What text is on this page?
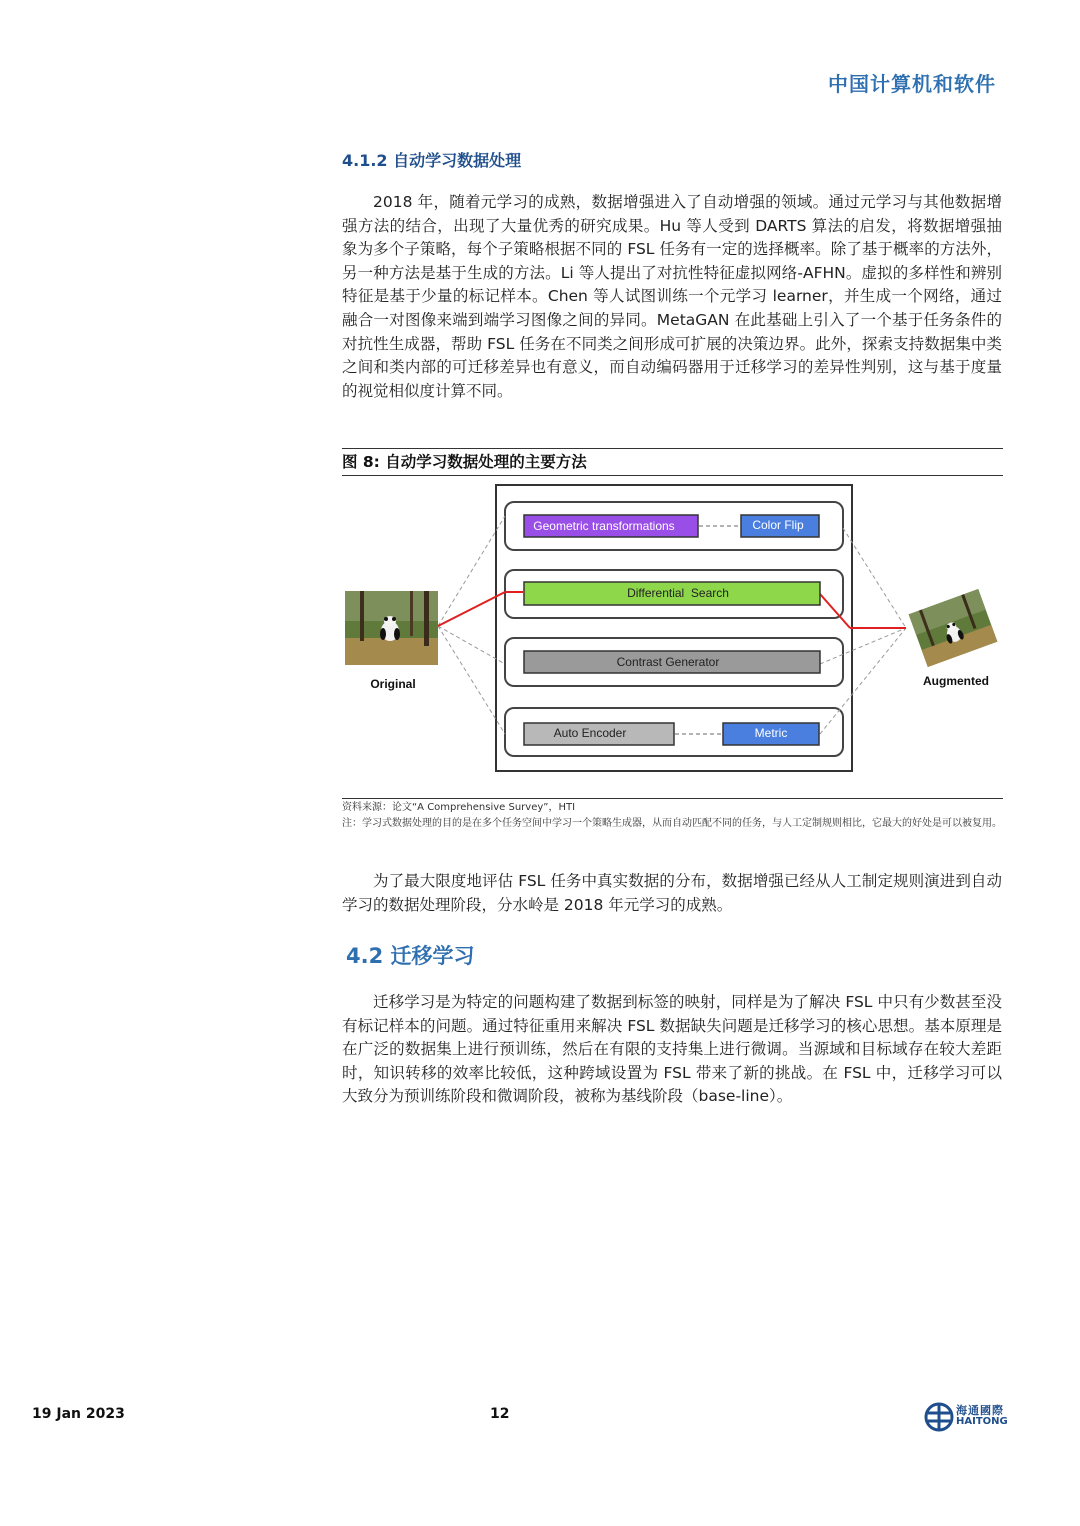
中国计算机和软件
4.1.2 自动学习数据处理
2018 年，随着元学习的成熟，数据增强进入了自动增强的领域。通过元学习与其他数据增强方法的结合，出现了大量优秀的研究成果。Hu 等人受到 DARTS 算法的启发，将数据增强抽象为多个子策略，每个子策略根据不同的 FSL 任务有一定的选择概率。除了基于概率的方法外，另一种方法是基于生成的方法。Li 等人提出了对抗性特征虚拟网络-AFHN。虚拟的多样性和辨别特征是基于少量的标记样本。Chen 等人试图训练一个元学习 learner，并生成一个网络，通过融合一对图像来端到端学习图像之间的异同。MetaGAN 在此基础上引入了一个基于任务条件的对抗性生成器，帮助 FSL 任务在不同类之间形成可扩展的决策边界。此外，探索支持数据集中类之间和类内部的可迁移差异也有意义，而自动编码器用于迁移学习的差异性判别，这与基于度量的视觉相似度计算不同。
图 8: 自动学习数据处理的主要方法
Geometric transformations	Color Flip
Differential  Search
Contrast Generator
Auto Encoder	Metric
Original	Augmented
资料来源：论文“A Comprehensive Survey”，HTI
注：学习式数据处理的目的是在多个任务空间中学习一个策略生成器，从而自动匹配不同的任务，与人工定制规则相比，它最大的好处是可以被复用。
为了最大限度地评估 FSL 任务中真实数据的分布，数据增强已经从人工制定规则演进到自动学习的数据处理阶段，分水岭是 2018 年元学习的成熟。
4.2 迁移学习
迁移学习是为特定的问题构建了数据到标签的映射，同样是为了解决 FSL 中只有少数甚至没有标记样本的问题。通过特征重用来解决 FSL 数据缺失问题是迁移学习的核心思想。基本原理是在广泛的数据集上进行预训练，然后在有限的支持集上进行微调。当源域和目标域存在较大差距时，知识转移的效率比较低，这种跨域设置为 FSL 带来了新的挑战。在 FSL 中，迁移学习可以大致分为预训练阶段和微调阶段，被称为基线阶段（base-line）。
19 Jan 2023	12	海通國際
HAITONG
